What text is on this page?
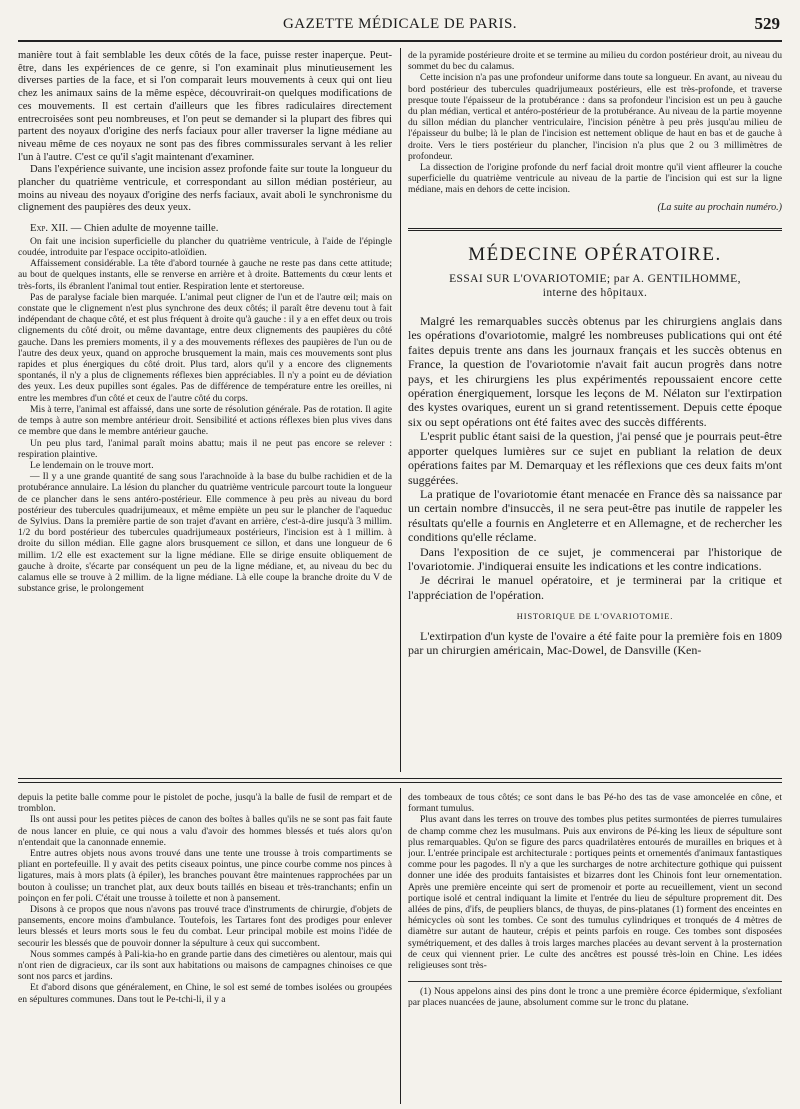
GAZETTE MÉDICALE DE PARIS.	529

manière tout à fait semblable les deux côtés de la face, puisse rester inaperçue. Peut-être, dans les expériences de ce genre, si l'on examinait plus minutieusement les diverses parties de la face, et si l'on comparait leurs mouvements à ceux qui ont lieu chez les animaux sains de la même espèce, découvrirait-on quelques modifications de ces mouvements. Il est certain d'ailleurs que les fibres radiculaires directement entrecroisées sont peu nombreuses, et l'on peut se demander si la plupart des fibres qui partent des noyaux d'origine des nerfs faciaux pour aller traverser la ligne médiane au niveau même de ces noyaux ne sont pas des fibres commissurales servant à les relier l'un à l'autre. C'est ce qu'il s'agit maintenant d'examiner.

Dans l'expérience suivante, une incision assez profonde faite sur toute la longueur du plancher du quatrième ventricule, et correspondant au sillon médian postérieur, au moins au niveau des noyaux d'origine des nerfs faciaux, avait aboli le synchronisme du clignement des paupières des deux yeux.

Exp. XII. — Chien adulte de moyenne taille.

On fait une incision superficielle du plancher du quatrième ventricule, à l'aide de l'épingle coudée, introduite par l'espace occipito-atloïdien.

Affaissement considérable. La tête d'abord tournée à gauche ne reste pas dans cette attitude; au bout de quelques instants, elle se renverse en arrière et à droite. Battements du cœur lents et très-forts, ils ébranlent l'animal tout entier. Respiration lente et stertoreuse.

Pas de paralyse faciale bien marquée. L'animal peut cligner de l'un et de l'autre œil; mais on constate que le clignement n'est plus synchrone des deux côtés; il paraît être devenu tout à fait indépendant de chaque côté, et est plus fréquent à droite qu'à gauche : il y a en effet deux ou trois clignements du côté droit, ou même davantage, entre deux clignements des paupières du côté gauche. Dans les premiers moments, il y a des mouvements réflexes des paupières de l'un ou de l'autre des deux yeux, quand on approche brusquement la main, mais ces mouvements sont plus rapides et plus énergiques du côté droit. Plus tard, alors qu'il y a encore des clignements spontanés, il n'y a plus de clignements réflexes bien appréciables. Il n'y a point eu de déviation des yeux. Les deux pupilles sont égales. Pas de différence de température entre les oreilles, ni entre les membres d'un côté et ceux de l'autre côté du corps.

Mis à terre, l'animal est affaissé, dans une sorte de résolution générale. Pas de rotation. Il agite de temps à autre son membre antérieur droit. Sensibilité et actions réflexes bien plus vives dans ce membre que dans le membre antérieur gauche.

Un peu plus tard, l'animal paraît moins abattu; mais il ne peut pas encore se relever : respiration plaintive.

Le lendemain on le trouve mort.

— Il y a une grande quantité de sang sous l'arachnoïde à la base du bulbe rachidien et de la protubérance annulaire. La lésion du plancher du quatrième ventricule parcourt toute la longueur de ce plancher dans le sens antéro-postérieur. Elle commence à peu près au niveau du bord postérieur des tubercules quadrijumeaux, et même empiète un peu sur le plancher de l'aqueduc de Sylvius. Dans la première partie de son trajet d'avant en arrière, c'est-à-dire jusqu'à 3 millim. 1/2 du bord postérieur des tubercules quadrijumeaux postérieurs, l'incision est à 1 millim. à droite du sillon médian. Elle gagne alors brusquement ce sillon, et dans une longueur de 6 millim. 1/2 elle est exactement sur la ligne médiane. Elle se dirige ensuite obliquement de gauche à droite, s'écarte par conséquent un peu de la ligne médiane, et, au niveau du bec du calamus elle se trouve à 2 millim. de la ligne médiane. Là elle coupe la branche droite du V de substance grise, le prolongement

de la pyramide postérieure droite et se termine au milieu du cordon postérieur droit, au niveau du sommet du bec du calamus.

Cette incision n'a pas une profondeur uniforme dans toute sa longueur. En avant, au niveau du bord postérieur des tubercules quadrijumeaux postérieurs, elle est très-profonde, et traverse presque toute l'épaisseur de la protubérance : dans sa profondeur l'incision est un peu à gauche du plan médian, vertical et antéro-postérieur de la protubérance. Au niveau de la partie moyenne du sillon médian du plancher ventriculaire, l'incision pénètre à peu près jusqu'au milieu de l'épaisseur du bulbe; là le plan de l'incision est nettement oblique de haut en bas et de gauche à droite. Vers le tiers postérieur du plancher, l'incision n'a plus que 2 ou 3 millimètres de profondeur.

La dissection de l'origine profonde du nerf facial droit montre qu'il vient affleurer la couche superficielle du quatrième ventricule au niveau de la partie de l'incision qui est sur la ligne médiane, mais en dehors de cette incision.

(La suite au prochain numéro.)
MÉDECINE OPÉRATOIRE.
ESSAI SUR L'OVARIOTOMIE; par A. GENTILHOMME,
interne des hôpitaux.

Malgré les remarquables succès obtenus par les chirurgiens anglais dans les opérations d'ovariotomie, malgré les nombreuses publications qui ont été faites depuis trente ans dans les journaux français et les succès obtenus en France, la question de l'ovariotomie n'avait fait aucun progrès dans notre pays, et les chirurgiens les plus expérimentés repoussaient encore cette opération énergiquement, lorsque les leçons de M. Nélaton sur l'extirpation des kystes ovariques, eurent un si grand retentissement. Depuis cette époque six ou sept opérations ont été faites avec des succès différents.

L'esprit public étant saisi de la question, j'ai pensé que je pourrais peut-être apporter quelques lumières sur ce sujet en publiant la relation de deux opérations faites par M. Demarquay et les réflexions que ces deux faits m'ont suggérées.

La pratique de l'ovariotomie étant menacée en France dès sa naissance par un certain nombre d'insuccès, il ne sera peut-être pas inutile de rappeler les résultats qu'elle a fournis en Angleterre et en Allemagne, et de rechercher les conditions qu'elle réclame.

Dans l'exposition de ce sujet, je commencerai par l'historique de l'ovariotomie. J'indiquerai ensuite les indications et les contre indications.

Je décrirai le manuel opératoire, et je terminerai par la critique et l'appréciation de l'opération.

HISTORIQUE DE L'OVARIOTOMIE.

L'extirpation d'un kyste de l'ovaire a été faite pour la première fois en 1809 par un chirurgien américain, Mac-Dowel, de Dansville (Ken-

depuis la petite balle comme pour le pistolet de poche, jusqu'à la balle de fusil de rempart et de tromblon.

Ils ont aussi pour les petites pièces de canon des boîtes à balles qu'ils ne se sont pas fait faute de nous lancer en pluie, ce qui nous a valu d'avoir des hommes blessés et tués alors qu'on n'entendait que la canonnade ennemie.

Entre autres objets nous avons trouvé dans une tente une trousse à trois compartiments se pliant en portefeuille. Il y avait des petits ciseaux pointus, une pince courbe comme nos pinces à ligatures, mais à mors plats (à épiler), les branches pouvant être maintenues rapprochées par un bouton à coulisse; un tranchet plat, aux deux bouts taillés en biseau et très-tranchants; enfin un poinçon en fer poli. C'était une trousse à toilette et non à pansement.

Disons à ce propos que nous n'avons pas trouvé trace d'instruments de chirurgie, d'objets de pansements, encore moins d'ambulance. Toutefois, les Tartares font des prodiges pour enlever leurs blessés et leurs morts sous le feu du combat. Leur principal mobile est moins l'idée de secourir les blessés que de pouvoir donner la sépulture à ceux qui succombent.

Nous sommes campés à Pali-kia-ho en grande partie dans des cimetières ou alentour, mais qui n'ont rien de digracieux, car ils sont aux habitations ou maisons de campagnes chinoises ce que sont nos parcs et jardins.

Et d'abord disons que généralement, en Chine, le sol est semé de tombes isolées ou groupées en sépultures communes. Dans tout le Pe-tchi-li, il y a

des tombeaux de tous côtés; ce sont dans le bas Pé-ho des tas de vase amoncelée en cône, et formant tumulus.

Plus avant dans les terres on trouve des tombes plus petites surmontées de pierres tumulaires de champ comme chez les musulmans. Puis aux environs de Pé-king les lieux de sépulture sont plus remarquables. Qu'on se figure des parcs quadrilatères entourés de murailles en briques et à jour. L'entrée principale est architecturale : portiques peints et ornementés d'animaux fantastiques comme pour les pagodes. Il n'y a que les surcharges de notre architecture gothique qui puissent donner une idée des produits fantaisistes et bizarres dont les Chinois font leur ornementation. Après une première enceinte qui sert de promenoir et porte au recueillement, vient un second portique isolé et central indiquant la limite et l'entrée du lieu de sépulture proprement dit. Des allées de pins, d'ifs, de peupliers blancs, de thuyas, de pins-platanes (1) forment des enceintes en hémicycles où sont les tombes. Ce sont des tumulus cylindriques et tronqués de 4 mètres de diamètre sur autant de hauteur, crépis et peints parfois en rouge. Ces tombes sont disposées symétriquement, et des dalles à trois larges marches placées au devant servent à la prosternation de ceux qui viennent prier. Le culte des ancêtres est poussé très-loin en Chine. Les idées religieuses sont très-

(1) Nous appelons ainsi des pins dont le tronc a une première écorce épidermique, s'exfoliant par places nuancées de jaune, absolument comme sur le tronc du platane.
